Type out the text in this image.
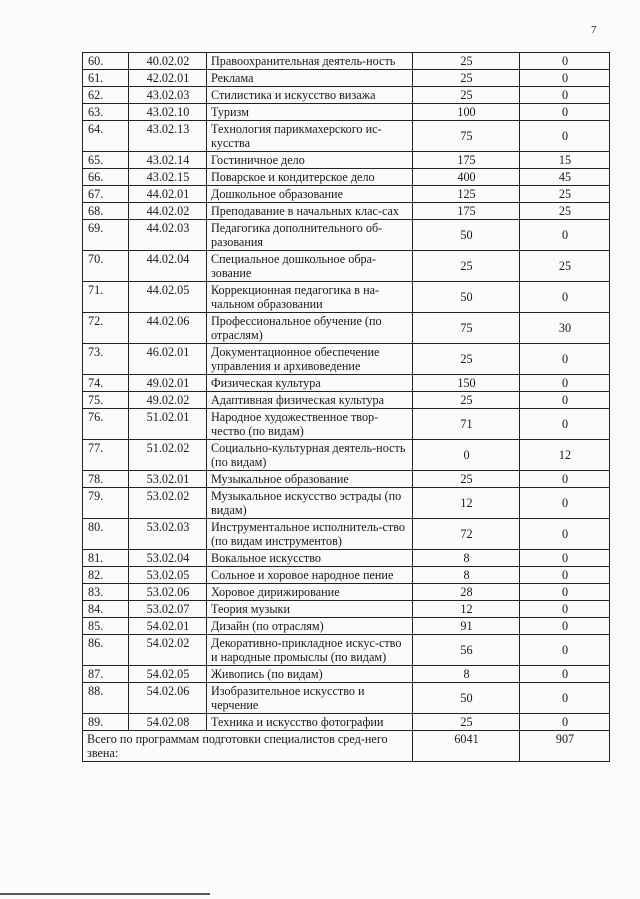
7
60.	40.02.02	Правоохранительная деятель-ность	25	0
61.	42.02.01	Реклама	25	0
62.	43.02.03	Стилистика и искусство визажа	25	0
63.	43.02.10	Туризм	100	0
64.	43.02.13	Технология парикмахерского ис-кусства	75	0
65.	43.02.14	Гостиничное дело	175	15
66.	43.02.15	Поварское и кондитерское дело	400	45
67.	44.02.01	Дошкольное образование	125	25
68.	44.02.02	Преподавание в начальных клас-сах	175	25
69.	44.02.03	Педагогика дополнительного об-разования	50	0
70.	44.02.04	Специальное дошкольное обра-зование	25	25
71.	44.02.05	Коррекционная педагогика в на-чальном образовании	50	0
72.	44.02.06	Профессиональное обучение (по отраслям)	75	30
73.	46.02.01	Документационное обеспечение управления и архивоведение	25	0
74.	49.02.01	Физическая культура	150	0
75.	49.02.02	Адаптивная физическая культура	25	0
76.	51.02.01	Народное художественное твор-чество (по видам)	71	0
77.	51.02.02	Социально-культурная деятель-ность (по видам)	0	12
78.	53.02.01	Музыкальное образование	25	0
79.	53.02.02	Музыкальное искусство эстрады (по видам)	12	0
80.	53.02.03	Инструментальное исполнитель-ство (по видам инструментов)	72	0
81.	53.02.04	Вокальное искусство	8	0
82.	53.02.05	Сольное и хоровое народное пение	8	0
83.	53.02.06	Хоровое дирижирование	28	0
84.	53.02.07	Теория музыки	12	0
85.	54.02.01	Дизайн (по отраслям)	91	0
86.	54.02.02	Декоративно-прикладное искус-ство и народные промыслы (по видам)	56	0
87.	54.02.05	Живопись (по видам)	8	0
88.	54.02.06	Изобразительное искусство и черчение	50	0
89.	54.02.08	Техника и искусство фотографии	25	0
Всего по программам подготовки специалистов сред-него звена:			6041	907
